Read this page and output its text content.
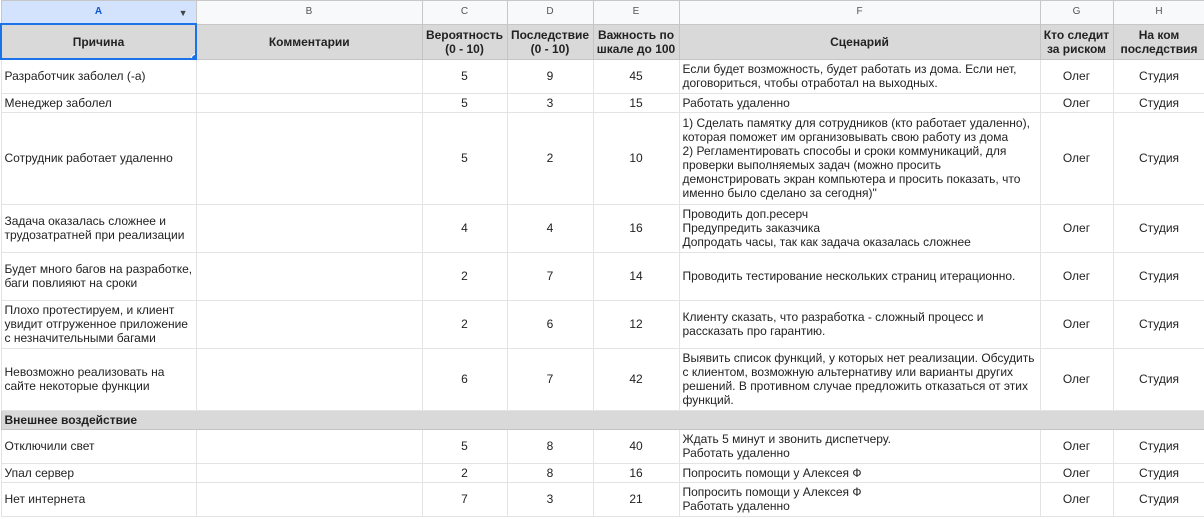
A ▼	B	C	D	E	F	G	H
Причина	Комментарии	Вероятность (0 - 10)	Последствие (0 - 10)	Важность по шкале до 100	Сценарий	Кто следит за риском	На ком последствия
Разработчик заболел (-а)		5	9	45	Если будет возможность, будет работать из дома. Если нет, договориться, чтобы отработал на выходных.	Олег	Студия
Менеджер заболел		5	3	15	Работать удаленно	Олег	Студия
Сотрудник работает удаленно		5	2	10	1) Сделать памятку для сотрудников (кто работает удаленно), которая поможет им организовывать свою работу из дома
2) Регламентировать способы и сроки коммуникаций, для проверки выполняемых задач (можно просить демонстрировать экран компьютера и просить показать, что именно было сделано за сегодня)"	Олег	Студия
Задача оказалась сложнее и трудозатратней при реализации		4	4	16	Проводить доп.ресерч
Предупредить заказчика
Допродать часы, так как задача оказалась сложнее	Олег	Студия
Будет много багов на разработке, баги повлияют на сроки		2	7	14	Проводить тестирование нескольких страниц итерационно.	Олег	Студия
Плохо протестируем, и клиент увидит отгруженное приложение с незначительными багами		2	6	12	Клиенту сказать, что разработка - сложный процесс и рассказать про гарантию.	Олег	Студия
Невозможно реализовать на сайте некоторые функции		6	7	42	Выявить список функций, у которых нет реализации. Обсудить с клиентом, возможную альтернативу или варианты других решений. В противном случае предложить отказаться от этих функций.	Олег	Студия
Внешнее воздействие							
Отключили свет		5	8	40	Ждать 5 минут и звонить диспетчеру.
Работать удаленно	Олег	Студия
Упал сервер		2	8	16	Попросить помощи у Алексея Ф	Олег	Студия
Нет интернета		7	3	21	Попросить помощи у Алексея Ф
Работать удаленно	Олег	Студия
